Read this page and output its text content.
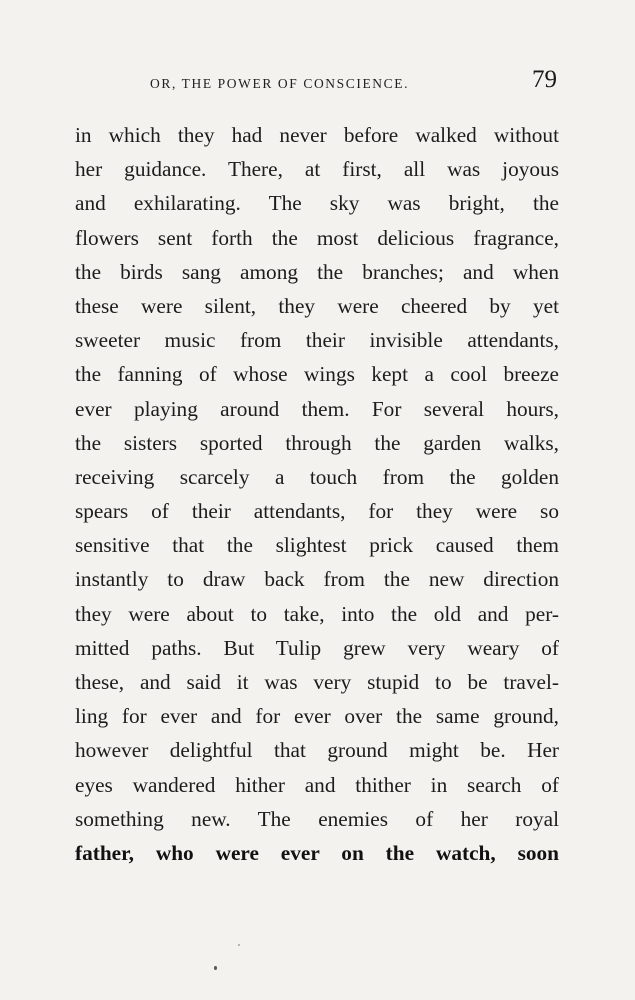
OR, THE POWER OF CONSCIENCE.	79
in which they had never before walked without
her guidance. There, at first, all was joyous
and exhilarating. The sky was bright, the
flowers sent forth the most delicious fragrance,
the birds sang among the branches; and when
these were silent, they were cheered by yet
sweeter music from their invisible attendants,
the fanning of whose wings kept a cool breeze
ever playing around them. For several hours,
the sisters sported through the garden walks,
receiving scarcely a touch from the golden
spears of their attendants, for they were so
sensitive that the slightest prick caused them
instantly to draw back from the new direction
they were about to take, into the old and per-
mitted paths. But Tulip grew very weary of
these, and said it was very stupid to be travel-
ling for ever and for ever over the same ground,
however delightful that ground might be. Her
eyes wandered hither and thither in search of
something new. The enemies of her royal
father, who were ever on the watch, soon
